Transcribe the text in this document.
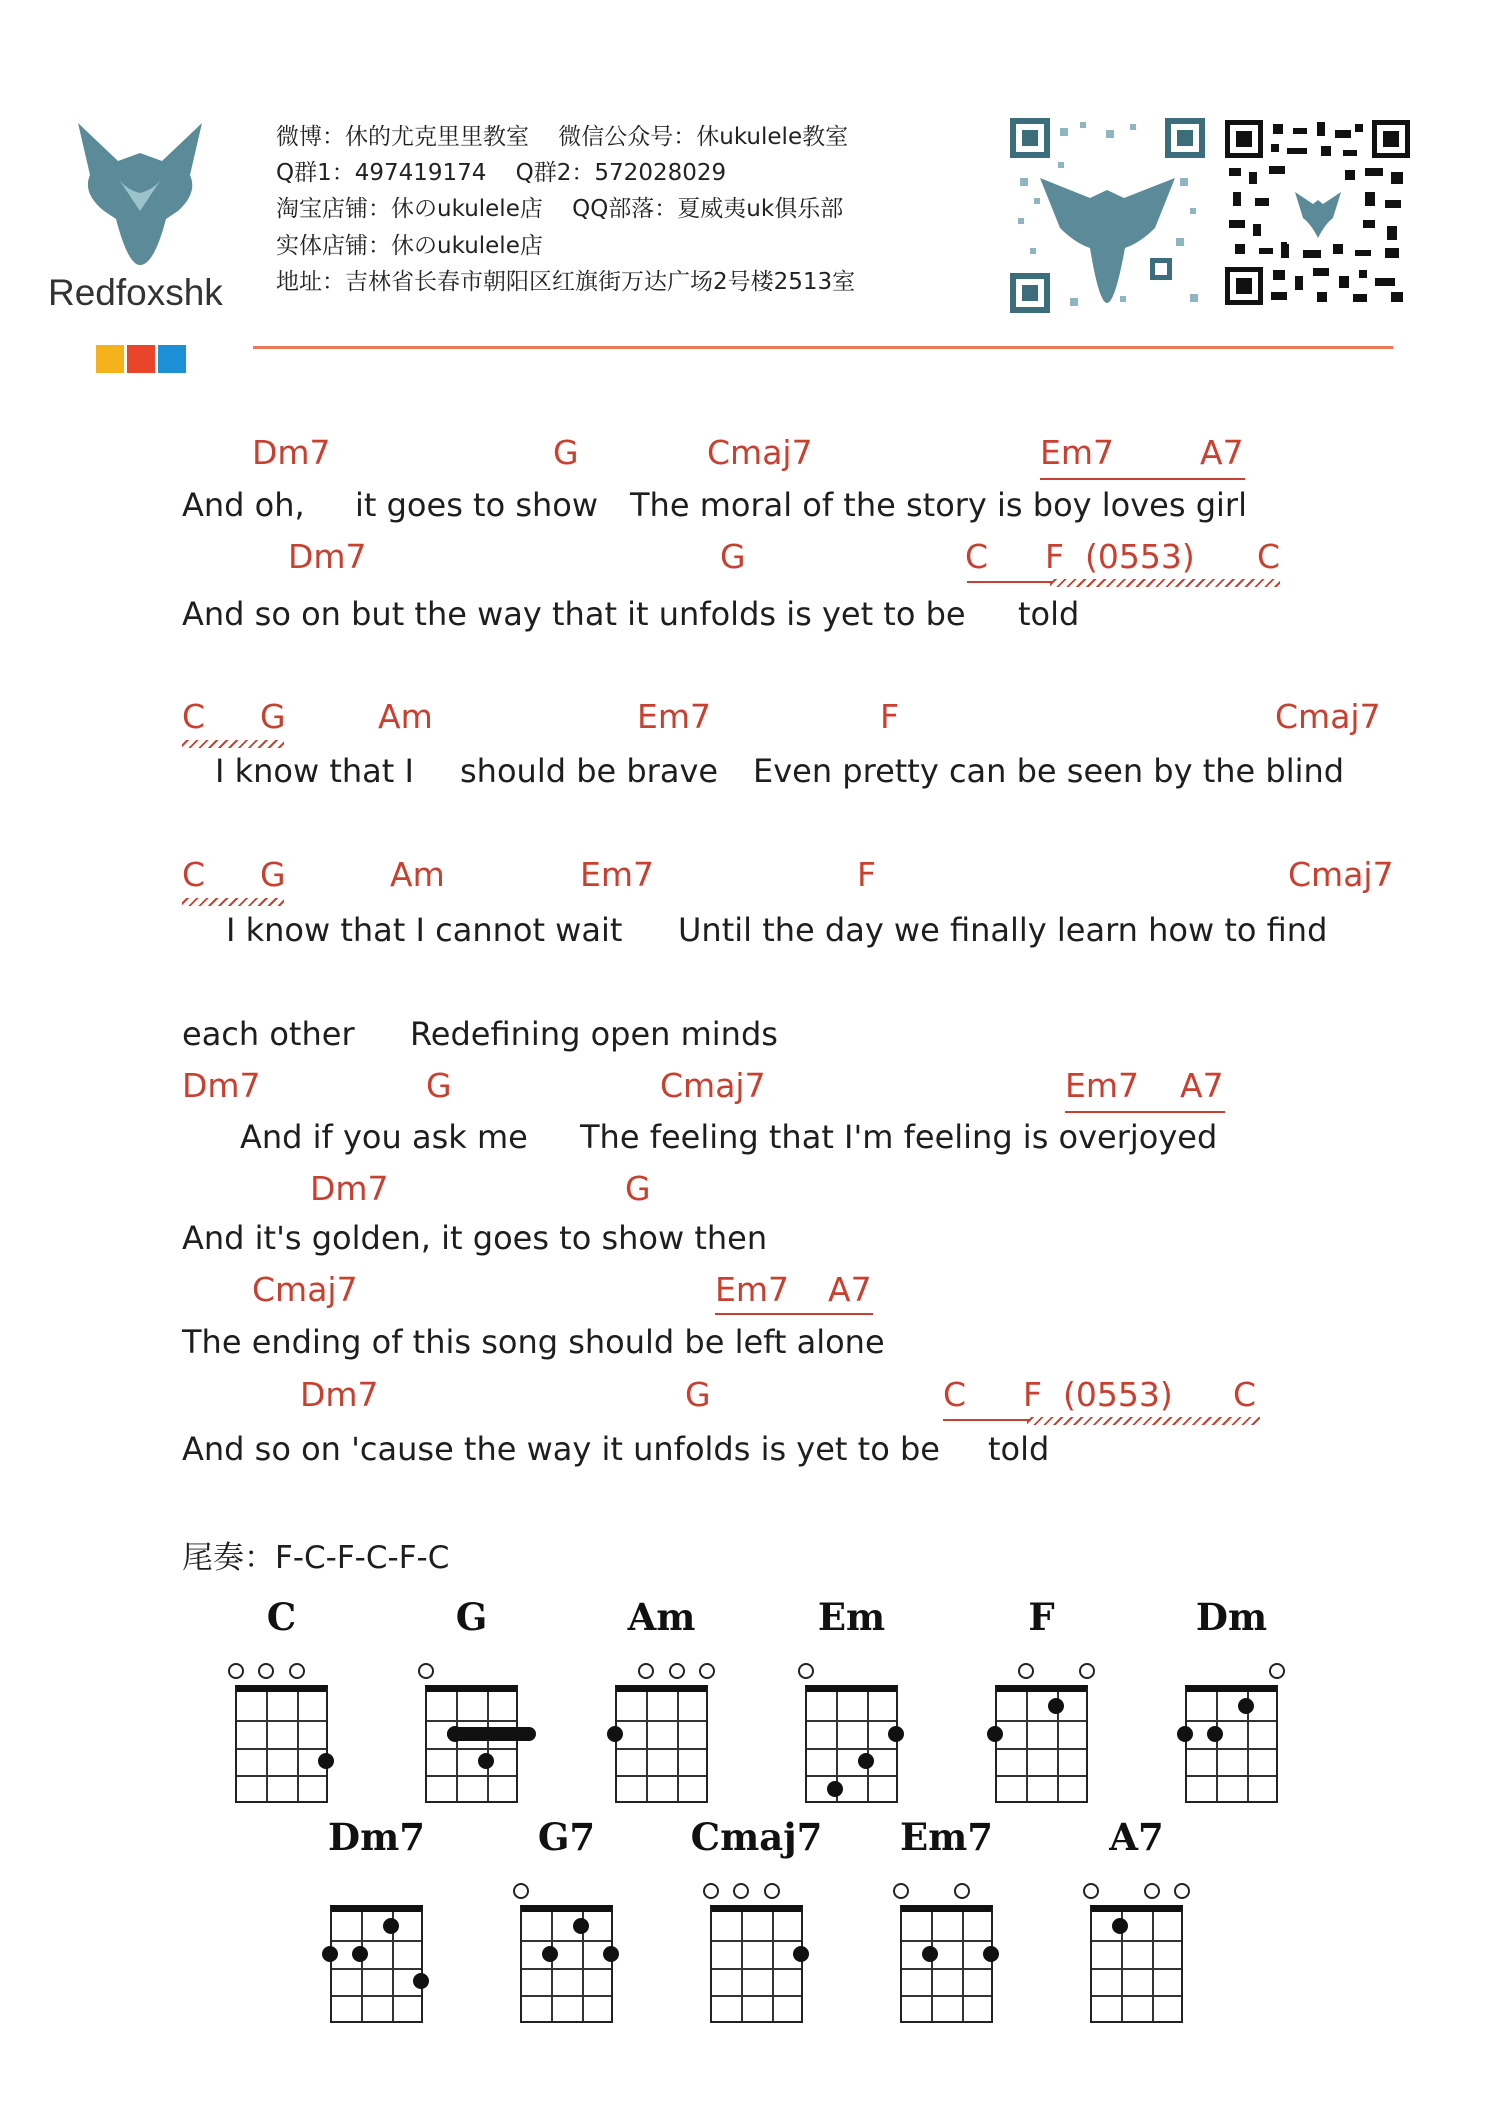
Redfoxshk
微博：休的尤克里里教室    微信公众号：休ukulele教室
Q群1：497419174    Q群2：572028029
淘宝店铺：休のukulele店    QQ部落：夏威夷uk俱乐部
实体店铺：休のukulele店
地址：吉林省长春市朝阳区红旗街万达广场2号楼2513室
Dm7	G	Cmaj7	Em7	A7
And oh, it goes to show The moral of the story is boy loves girl
Dm7	G	C F  (0553) C
And so on but the way that it unfolds is yet to be told
C G	Am	Em7	F	Cmaj7
I know that I should be brave Even pretty can be seen by the blind
C G	Am	Em7	F	Cmaj7
I know that I cannot wait Until the day we finally learn how to find
each other Redefining open minds
Dm7	G	Cmaj7	Em7 A7
And if you ask me The feeling that I'm feeling is overjoyed
Dm7	G
And it's golden, it goes to show then
Cmaj7	Em7 A7
The ending of this song should be left alone
Dm7	G	C F  (0553) C
And so on 'cause the way it unfolds is yet to be told
尾奏：F-C-F-C-F-C
C	G	Am	Em	F	Dm
Dm7	G7	Cmaj7	Em7	A7
